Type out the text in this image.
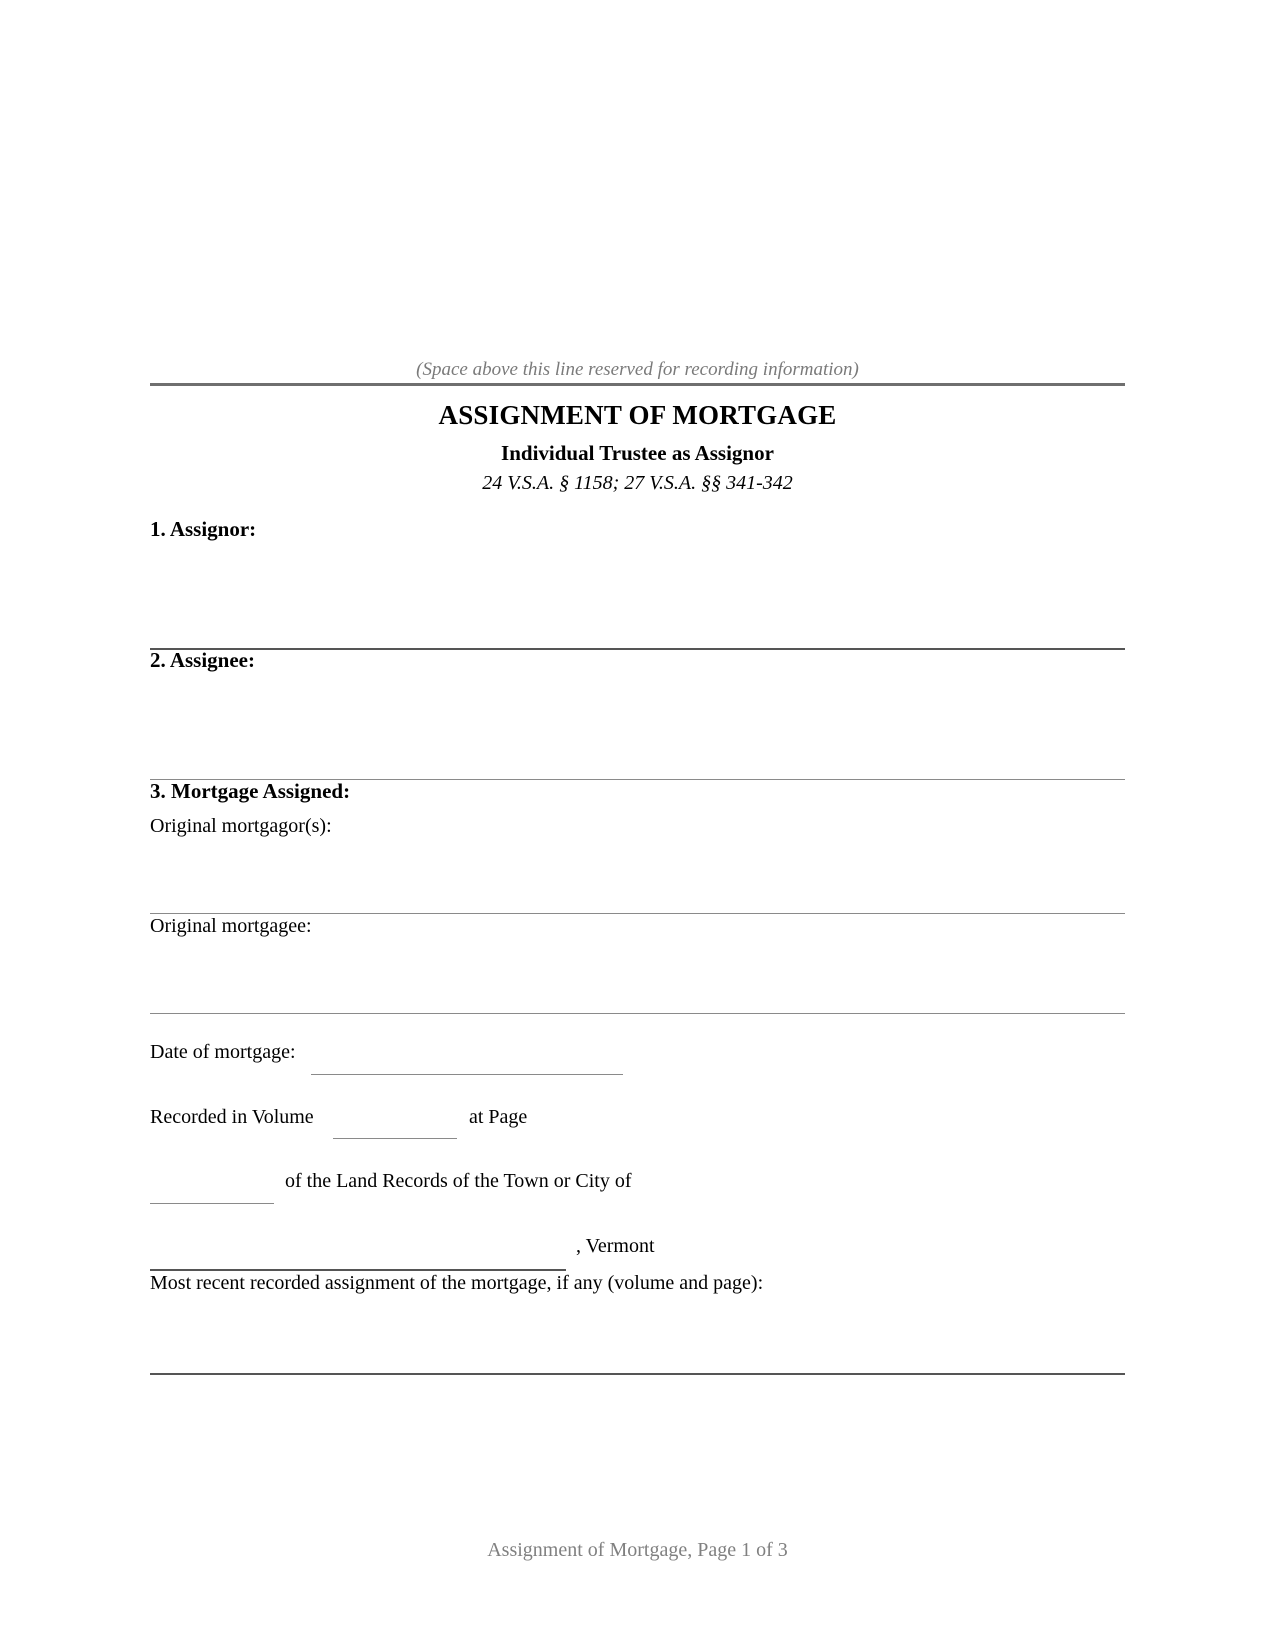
(Space above this line reserved for recording information)
ASSIGNMENT OF MORTGAGE
Individual Trustee as Assignor
24 V.S.A. § 1158; 27 V.S.A. §§ 341-342
1. Assignor:
2. Assignee:
3. Mortgage Assigned:
Original mortgagor(s):
Original mortgagee:
Date of mortgage:
Recorded in Volume	at Page
of the Land Records of the Town or City of
, Vermont
Most recent recorded assignment of the mortgage, if any (volume and page):
Assignment of Mortgage, Page 1 of 3
